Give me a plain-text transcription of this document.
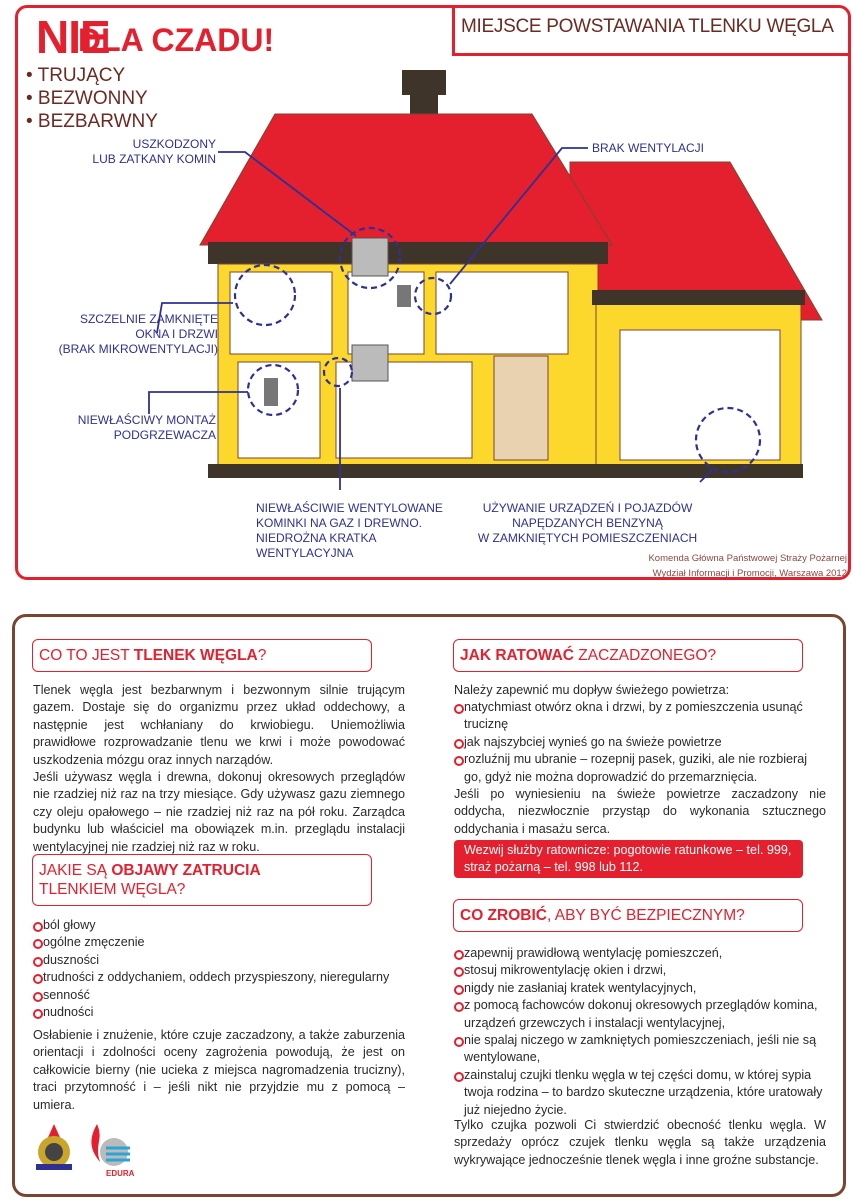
MIEJSCE POWSTAWANIA TLENKU WĘGLA
NIE
DLA CZADU!
• TRUJĄCY
• BEZWONNY
• BEZBARWNY
USZKODZONY
LUB ZATKANY KOMIN
BRAK WENTYLACJI
SZCZELNIE ZAMKNIĘTE
OKNA I DRZWI
(BRAK MIKROWENTYLACJI)
NIEWŁAŚCIWY MONTAŻ
PODGRZEWACZA
NIEWŁAŚCIWIE WENTYLOWANE
KOMINKI NA GAZ I DREWNO.
NIEDROŻNA KRATKA
WENTYLACYJNA
UŻYWANIE URZĄDZEŃ I POJAZDÓW
NAPĘDZANYCH BENZYNĄ
W ZAMKNIĘTYCH POMIESZCZENIACH
Komenda Główna Państwowej Straży Pożarnej
Wydział Informacji i Promocji, Warszawa 2012
CO TO JEST TLENEK WĘGLA?

Tlenek węgla jest bezbarwnym i bezwonnym silnie trującym gazem. Dostaje się do organizmu przez układ oddechowy, a następnie jest wchłaniany do krwiobiegu. Uniemożliwia prawidłowe rozprowadzanie tlenu we krwi i może powodować uszkodzenia mózgu oraz innych narządów.

Jeśli używasz węgla i drewna, dokonuj okresowych przeglądów nie rzadziej niż raz na trzy miesiące. Gdy używasz gazu ziemnego czy oleju opałowego – nie rzadziej niż raz na pół roku. Zarządca budynku lub właściciel ma obowiązek m.in. przeglądu instalacji wentylacyjnej nie rzadziej niż raz w roku.

JAKIE SĄ OBJAWY ZATRUCIA
TLENKIEM WĘGLA?
ból głowy
ogólne zmęczenie
duszności
trudności z oddychaniem, oddech przyspieszony, nieregularny
senność
nudności
Osłabienie i znużenie, które czuje zaczadzony, a także zaburzenia orientacji i zdolności oceny zagrożenia powodują, że jest on całkowicie bierny (nie ucieka z miejsca nagromadzenia trucizny), traci przytomność i – jeśli nikt nie przyjdzie mu z pomocą – umiera.
EDURA
JAK RATOWAĆ ZACZADZONEGO?
Należy zapewnić mu dopływ świeżego powietrza:
natychmiast otwórz okna i drzwi, by z pomieszczenia usunąć truciznę
jak najszybciej wynieś go na świeże powietrze
rozluźnij mu ubranie – rozepnij pasek, guziki, ale nie rozbieraj go, gdyż nie można doprowadzić do przemarznięcia.
Jeśli po wyniesieniu na świeże powietrze zaczadzony nie oddycha, niezwłocznie przystąp do wykonania sztucznego oddychania i masażu serca.
Wezwij służby ratownicze: pogotowie ratunkowe – tel. 999, straż pożarną – tel. 998 lub 112.
CO ZROBIĆ, ABY BYĆ BEZPIECZNYM?
zapewnij prawidłową wentylację pomieszczeń,
stosuj mikrowentylację okien i drzwi,
nigdy nie zasłaniaj kratek wentylacyjnych,
z pomocą fachowców dokonuj okresowych przeglądów komina, urządzeń grzewczych i instalacji wentylacyjnej,
nie spalaj niczego w zamkniętych pomieszczeniach, jeśli nie są wentylowane,
zainstaluj czujki tlenku węgla w tej części domu, w której sypia twoja rodzina – to bardzo skuteczne urządzenia, które uratowały już niejedno życie.
Tylko czujka pozwoli Ci stwierdzić obecność tlenku węgla. W sprzedaży oprócz czujek tlenku węgla są także urządzenia wykrywające jednocześnie tlenek węgla i inne groźne substancje.
